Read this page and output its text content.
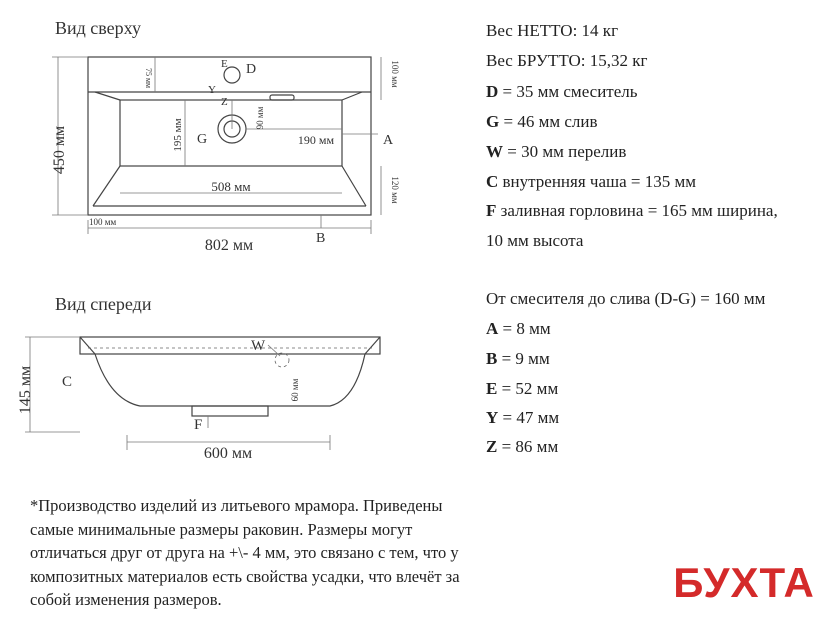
Вид сверху
Вид спереди
450 мм
802 мм
508 мм
195 мм	190 мм
90 мм
75 мм	100 мм
120 мм
100 мм
A
B
D
E
G
Y
Z
145 мм
600 мм
60 мм
C
F
W
Вес НЕТТО: 14 кг
Вес БРУТТО: 15,32 кг
D = 35 мм смеситель
G = 46 мм слив
W = 30 мм перелив
C внутренняя чаша = 135 мм
F заливная горловина = 165 мм ширина,
10 мм высота
От смесителя до слива (D-G) = 160 мм
A = 8 мм
B = 9 мм
E = 52 мм
Y = 47 мм
Z = 86 мм
*Производство изделий из литьевого мрамора. Приведены
самые минимальные размеры раковин. Размеры могут
отличаться друг от друга на +\- 4 мм, это связано с тем, что у
композитных материалов есть свойства усадки, что влечёт за
собой изменения размеров.	БУХТА
